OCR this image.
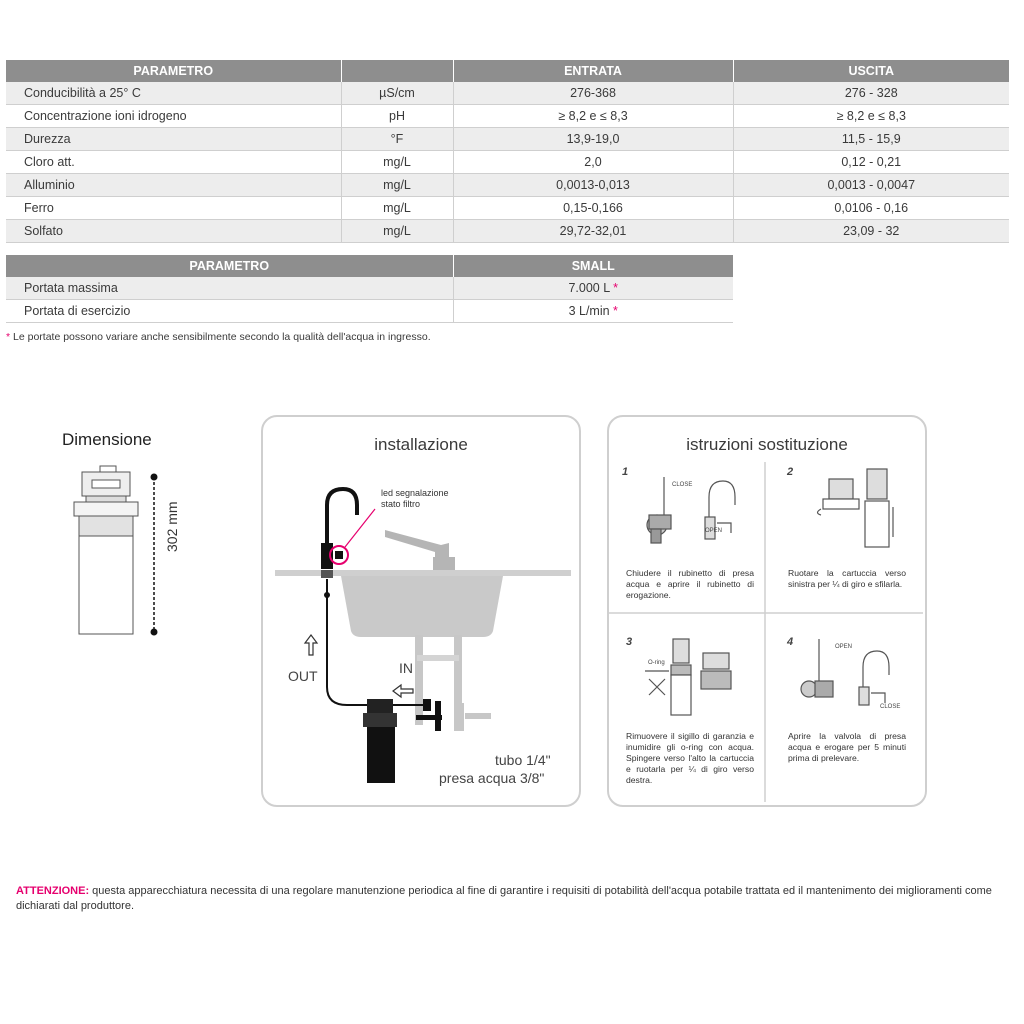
PARAMETRO		ENTRATA	USCITA
Conducibilità a 25° C	µS/cm	276-368	276 - 328
Concentrazione ioni idrogeno	pH	≥ 8,2 e ≤ 8,3	≥ 8,2 e ≤ 8,3
Durezza	°F	13,9-19,0	11,5 - 15,9
Cloro att.	mg/L	2,0	0,12 - 0,21
Alluminio	mg/L	0,0013-0,013	0,0013 - 0,0047
Ferro	mg/L	0,15-0,166	0,0106 - 0,16
Solfato	mg/L	29,72-32,01	23,09 - 32
PARAMETRO	SMALL
Portata massima	7.000 L *
Portata di esercizio	3 L/min *
* Le portate possono variare anche sensibilmente secondo la qualità dell'acqua in ingresso.
Dimensione
302 mm
installazione
led segnalazione
stato filtro
OUT	IN
tubo 1/4"
presa acqua 3/8"
istruzioni sostituzione
1
CLOSE
OPEN
Chiudere il rubinetto di presa acqua e aprire il rubinetto di erogazione.
2
Ruotare la cartuccia verso sinistra per ¼ di giro e sfilarla.
3
O-ring
Rimuovere il sigillo di garanzia e inumidire gli o-ring con acqua. Spingere verso l'alto la cartuccia e ruotarla per ¼ di giro verso destra.
4	OPEN
CLOSE
Aprire la valvola di presa acqua e erogare per 5 minuti prima di prelevare.
ATTENZIONE: questa apparecchiatura necessita di una regolare manutenzione periodica al fine di garantire i requisiti di potabilità dell'acqua potabile trattata ed il mantenimento dei miglioramenti come dichiarati dal produttore.
